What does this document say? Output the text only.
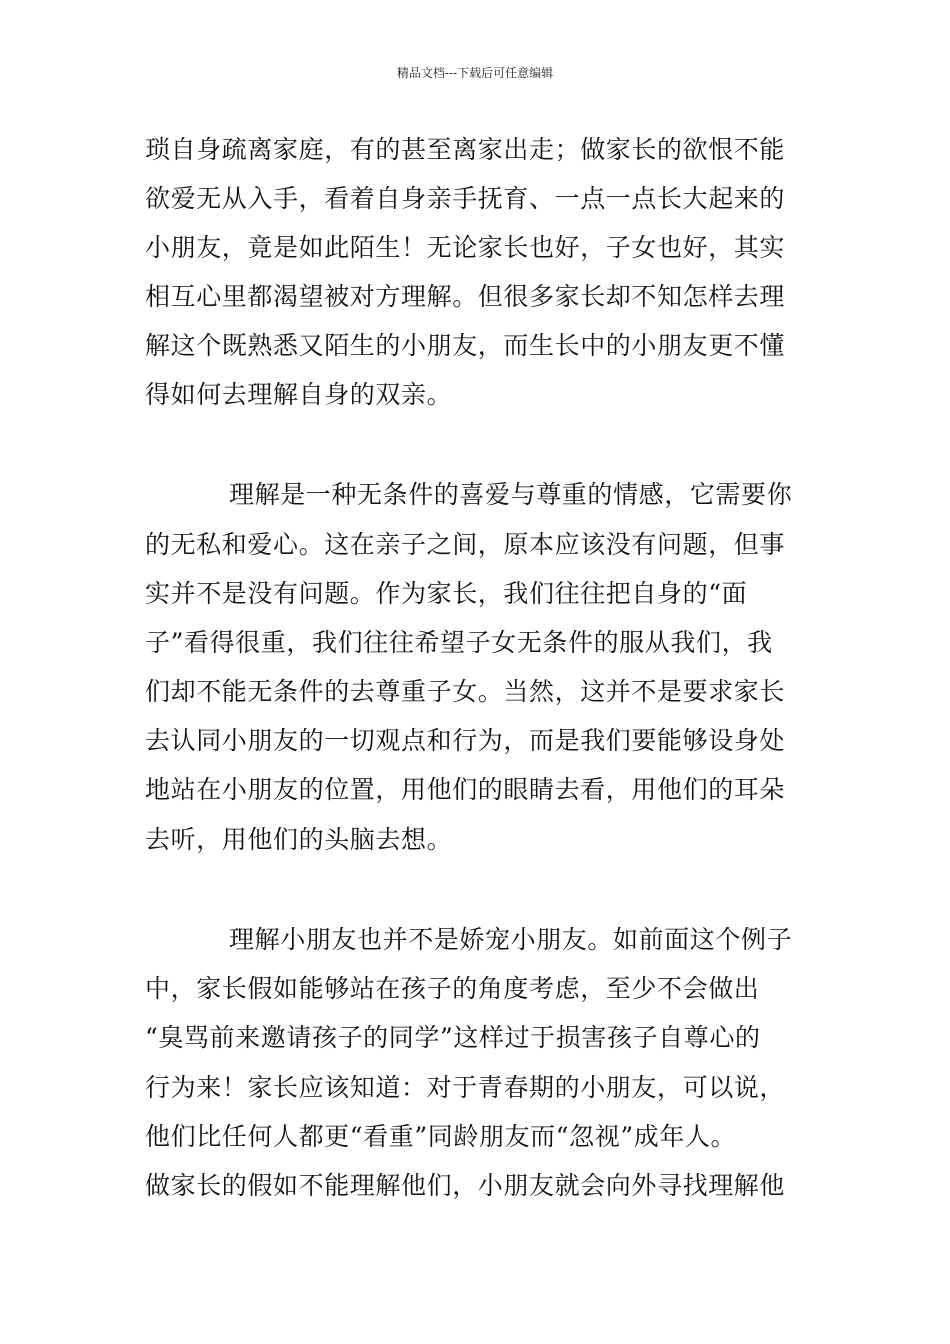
精品文档---下载后可任意编辑
琐自身疏离家庭，有的甚至离家出走；做家长的欲恨不能
欲爱无从入手，看着自身亲手抚育、一点一点长大起来的
小朋友，竟是如此陌生！无论家长也好，子女也好，其实
相互心里都渴望被对方理解。但很多家长却不知怎样去理
解这个既熟悉又陌生的小朋友，而生长中的小朋友更不懂
得如何去理解自身的双亲。
理解是一种无条件的喜爱与尊重的情感，它需要你
的无私和爱心。这在亲子之间，原本应该没有问题，但事
实并不是没有问题。作为家长，我们往往把自身的“面
子”看得很重，我们往往希望子女无条件的服从我们，我
们却不能无条件的去尊重子女。当然，这并不是要求家长
去认同小朋友的一切观点和行为，而是我们要能够设身处
地站在小朋友的位置，用他们的眼睛去看，用他们的耳朵
去听，用他们的头脑去想。
理解小朋友也并不是娇宠小朋友。如前面这个例子
中，家长假如能够站在孩子的角度考虑，至少不会做出
“臭骂前来邀请孩子的同学”这样过于损害孩子自尊心的
行为来！家长应该知道：对于青春期的小朋友，可以说，
他们比任何人都更“看重”同龄朋友而“忽视”成年人。
做家长的假如不能理解他们，小朋友就会向外寻找理解他
